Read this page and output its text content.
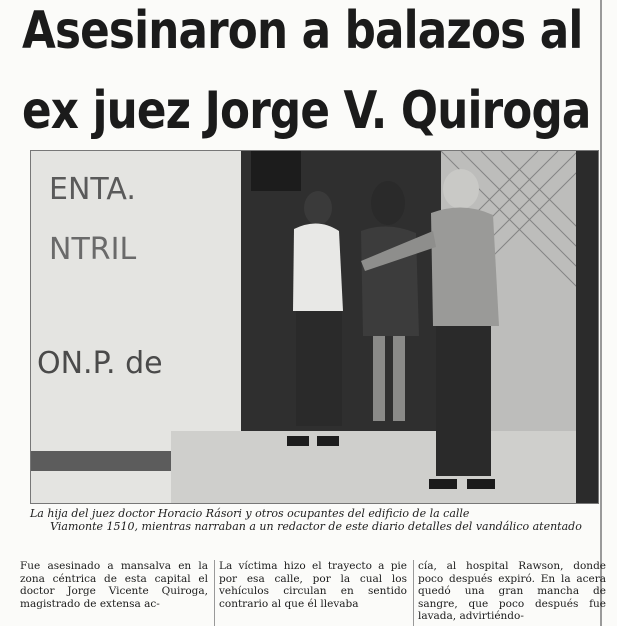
Asesinaron a balazos al
ex juez Jorge V. Quiroga
ENTA.
NTRIL
ON.P. de
La hija del juez doctor Horacio Rásori y otros ocupantes del edificio de la calle
Viamonte 1510, mientras narraban a un redactor de este diario detalles del vandálico atentado
Fue asesinado a mansalva en la zona céntrica de esta capital el doctor Jorge Vicente Quiroga, magistrado de extensa ac-
La víctima hizo el trayecto a pie por esa calle, por la cual los vehículos circulan en sentido contrario al que él llevaba
cía, al hospital Rawson, donde poco después expiró. En la acera quedó una gran mancha de sangre, que poco después fue lavada, advirtiéndo-
